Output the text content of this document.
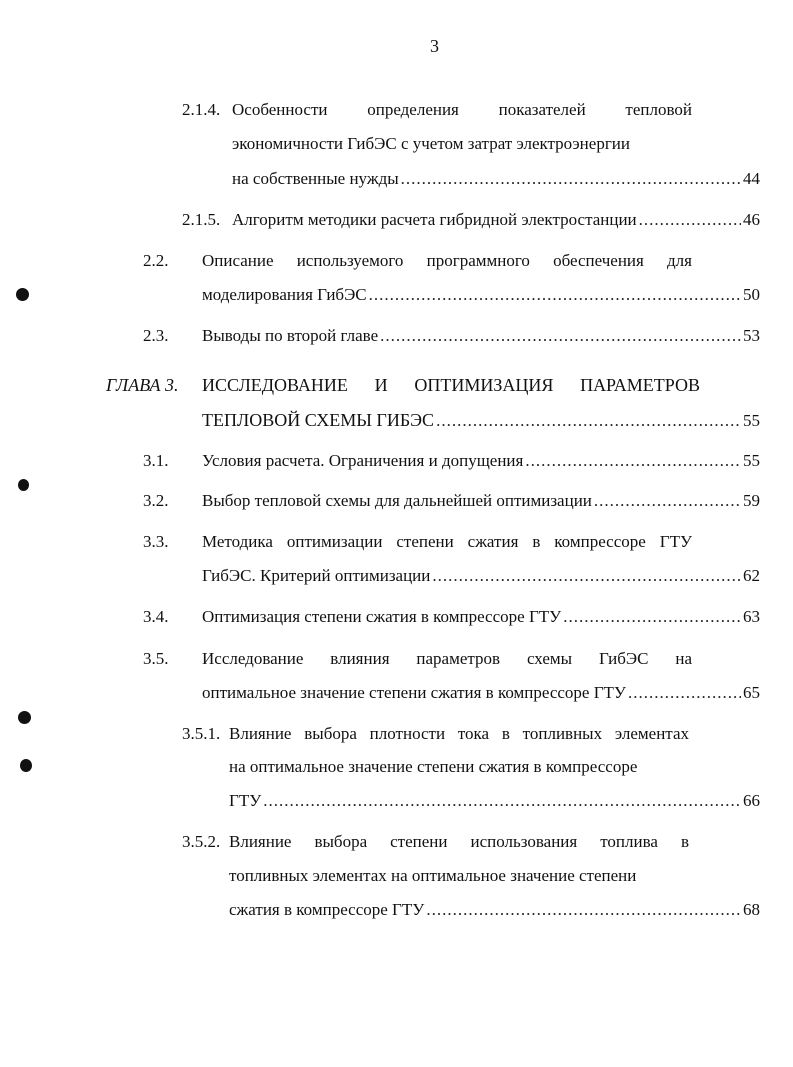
3
2.1.4. Особенности определения показателей тепловой
экономичности ГибЭС с учетом затрат электроэнергии
на собственные нужды .....	44
2.1.5. Алгоритм методики расчета гибридной электростанции .....	46
2.2. Описание используемого программного обеспечения для
моделирования ГибЭС .....	50
2.3. Выводы по второй главе .....	53
ГЛАВА 3. ИССЛЕДОВАНИЕ И ОПТИМИЗАЦИЯ ПАРАМЕТРОВ
ТЕПЛОВОЙ СХЕМЫ ГИБЭС .....	55
3.1. Условия расчета. Ограничения и допущения .....	55
3.2. Выбор тепловой схемы для дальнейшей оптимизации .....	59
3.3. Методика оптимизации степени сжатия в компрессоре ГТУ
ГибЭС. Критерий оптимизации .....	62
3.4. Оптимизация степени сжатия в компрессоре ГТУ .....	63
3.5. Исследование влияния параметров схемы ГибЭС на
оптимальное значение степени сжатия в компрессоре ГТУ .....	65
3.5.1. Влияние выбора плотности тока в топливных элементах
на оптимальное значение степени сжатия в компрессоре
ГТУ .....	66
3.5.2. Влияние выбора степени использования топлива в
топливных элементах на оптимальное значение степени
сжатия в компрессоре ГТУ .....	68
